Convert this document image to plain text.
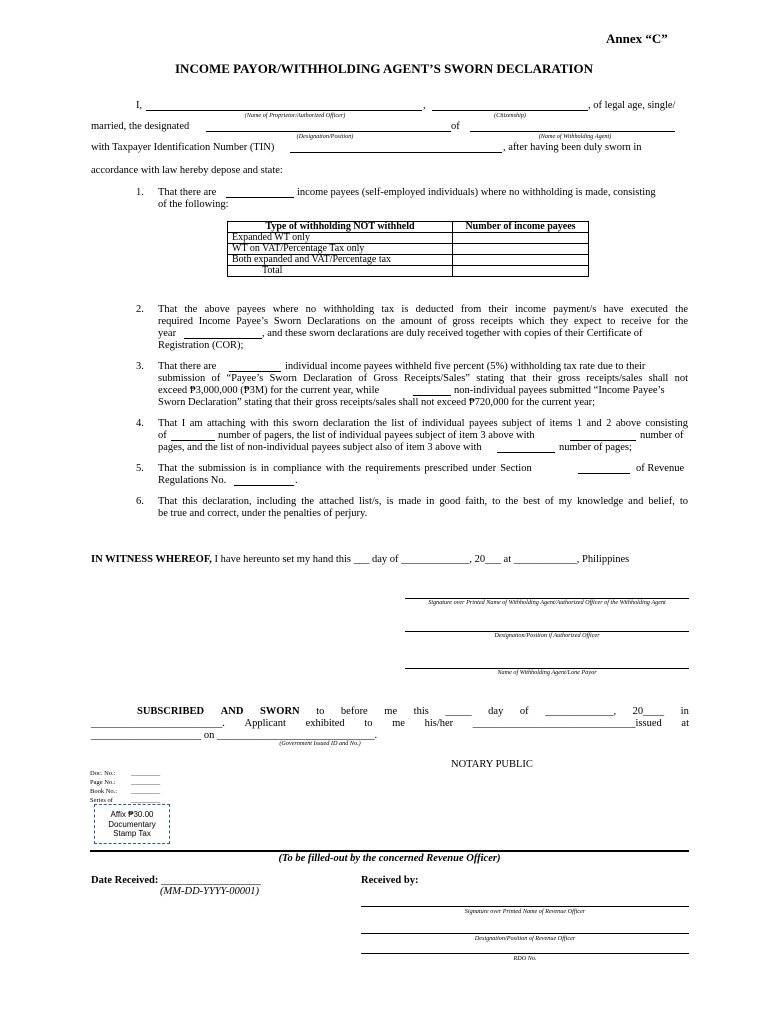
Annex “C”
INCOME PAYOR/WITHHOLDING AGENT’S SWORN DECLARATION
I,	,	, of legal age, single/
(Name of Proprietor/Authorized Officer)	(Citizenship)
married, the designated	of
(Designation/Position)	(Name of Withholding Agent)
with Taxpayer Identification Number (TIN)	, after having been duly sworn in
accordance with law hereby depose and state:
1. That there are	income payees (self-employed individuals) where no withholding is made, consisting
of the following:
Type of withholding NOT withheld	Number of income payees
Expanded WT only	
WT on VAT/Percentage Tax only	
Both expanded and VAT/Percentage tax	
Total	
2. That the above payees where no withholding tax is deducted from their income payment/s have executed the
required Income Payee’s Sworn Declarations on the amount of gross receipts which they expect to receive for the
year	, and these sworn declarations are duly received together with copies of their Certificate of
Registration (COR);
3. That there are	individual income payees withheld five percent (5%) withholding tax rate due to their
submission of “Payee’s Sworn Declaration of Gross Receipts/Sales” stating that their gross receipts/sales shall not
exceed ₱3,000,000 (₱3M) for the current year, while	non-individual payees submitted “Income Payee’s
Sworn Declaration” stating that their gross receipts/sales shall not exceed ₱720,000 for the current year;
4. That I am attaching with this sworn declaration the list of individual payees subject of items 1 and 2 above consisting
of	number of pagers, the list of individual payees subject of item 3 above with	number of
pages, and the list of non-individual payees subject also of item 3 above with	number of pages;
5. That the submission is in compliance with the requirements prescribed under Section	of Revenue
Regulations No.	.
6. That this declaration, including the attached list/s, is made in good faith, to the best of my knowledge and belief, to
be true and correct, under the penalties of perjury.
IN WITNESS WHEREOF, I have hereunto set my hand this ___ day of _____________, 20___ at ____________, Philippines
Signature over Printed Name of Withholding Agent/Authorized Officer of the Withholding Agent
Designation/Position if Authorized Officer
Name of Withholding Agent/Lone Payor
SUBSCRIBED AND SWORN to before me this _____ day of _____________, 20____ in
_________________________. Applicant exhibited to me his/her _______________________________issued at
_____________________ on ______________________________.
(Government Issued ID and No.)
NOTARY PUBLIC
Doc. No.:	_________
Page No.:	_________
Book No.:	_________
Series of	_________
Affix ₱30.00
Documentary
Stamp Tax
(To be filled-out by the concerned Revenue Officer)
Date Received: ___________________
(MM-DD-YYYY-00001)
Received by:
Signature over Printed Name of Revenue Officer
Designation/Position of Revenue Officer
RDO No.
